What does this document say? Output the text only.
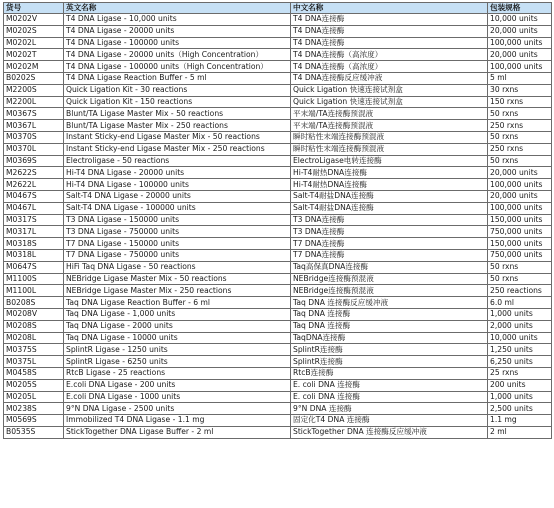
货号	英文名称	中文名称	包装规格
M0202V	T4 DNA Ligase - 10,000 units	T4 DNA连接酶	10,000 units
M0202S	T4 DNA Ligase - 20000 units	T4 DNA连接酶	20,000 units
M0202L	T4 DNA Ligase - 100000 units	T4 DNA连接酶	100,000 units
M0202T	T4 DNA Ligase - 20000 units（High Concentration）	T4 DNA连接酶（高浓度）	20,000 units
M0202M	T4 DNA Ligase - 100000 units（High Concentration）	T4 DNA连接酶（高浓度）	100,000 units
B0202S	T4 DNA Ligase Reaction Buffer - 5 ml	T4 DNA连接酶反应缓冲液	5 ml
M2200S	Quick Ligation Kit - 30 reactions	Quick Ligation 快速连接试剂盒	30 rxns
M2200L	Quick Ligation Kit - 150 reactions	Quick Ligation 快速连接试剂盒	150 rxns
M0367S	Blunt/TA Ligase Master Mix - 50 reactions	平末端/TA连接酶预混液	50 rxns
M0367L	Blunt/TA Ligase Master Mix - 250 reactions	平末端/TA连接酶预混液	250 rxns
M0370S	Instant Sticky-end Ligase Master Mix - 50 reactions	瞬时粘性末端连接酶预混液	50 rxns
M0370L	Instant Sticky-end Ligase Master Mix - 250 reactions	瞬时粘性末端连接酶预混液	250 rxns
M0369S	Electroligase - 50 reactions	ElectroLigase电转连接酶	50 rxns
M2622S	Hi-T4 DNA Ligase - 20000 units	Hi-T4耐热DNA连接酶	20,000 units
M2622L	Hi-T4 DNA Ligase - 100000 units	Hi-T4耐热DNA连接酶	100,000 units
M0467S	Salt-T4 DNA Ligase - 20000 units	Salt-T4耐盐DNA连接酶	20,000 units
M0467L	Salt-T4 DNA Ligase - 100000 units	Salt-T4耐盐DNA连接酶	100,000 units
M0317S	T3 DNA Ligase - 150000 units	T3 DNA连接酶	150,000 units
M0317L	T3 DNA Ligase - 750000 units	T3 DNA连接酶	750,000 units
M0318S	T7 DNA Ligase - 150000 units	T7 DNA连接酶	150,000 units
M0318L	T7 DNA Ligase - 750000 units	T7 DNA连接酶	750,000 units
M0647S	HiFi Taq DNA Ligase - 50 reactions	Taq高保真DNA连接酶	50 rxns
M1100S	NEBridge Ligase Master Mix - 50 reactions	NEBridge连接酶预混液	50 rxns
M1100L	NEBridge Ligase Master Mix - 250 reactions	NEBridge连接酶预混液	250 reactions
B0208S	Taq DNA Ligase Reaction Buffer - 6 ml	Taq DNA 连接酶反应缓冲液	6.0 ml
M0208V	Taq DNA Ligase - 1,000 units	Taq DNA 连接酶	1,000 units
M0208S	Taq DNA Ligase - 2000 units	Taq DNA 连接酶	2,000 units
M0208L	Taq DNA Ligase - 10000 units	TaqDNA连接酶	10,000 units
M0375S	SplintR Ligase - 1250 units	SplintR连接酶	1,250 units
M0375L	SplintR Ligase - 6250 units	SplintR连接酶	6,250 units
M0458S	RtcB Ligase - 25 reactions	RtcB连接酶	25 rxns
M0205S	E.coli DNA Ligase - 200 units	E. coli DNA 连接酶	200 units
M0205L	E.coli DNA Ligase - 1000 units	E. coli DNA 连接酶	1,000 units
M0238S	9°N DNA Ligase - 2500 units	9°N DNA 连接酶	2,500 units
M0569S	Immobilized T4 DNA Ligase - 1.1 mg	固定化T4 DNA 连接酶	1.1 mg
B0535S	StickTogether DNA Ligase Buffer - 2 ml	StickTogether DNA 连接酶反应缓冲液	2 ml
